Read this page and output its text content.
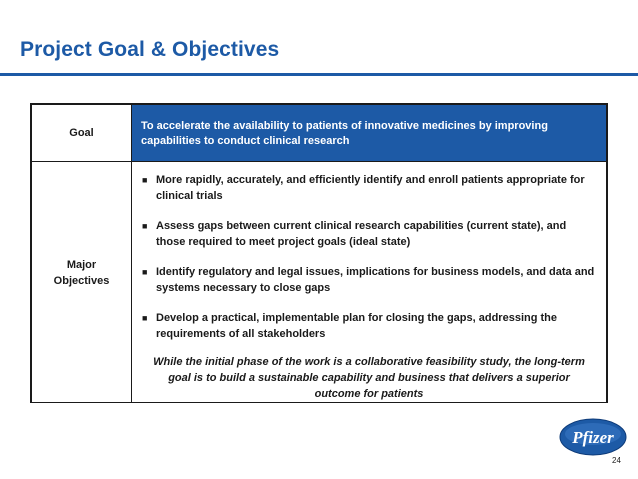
Project Goal & Objectives
Goal
To accelerate the availability to patients of innovative medicines by improving capabilities to conduct clinical research
Major
Objectives
■ More rapidly, accurately, and efficiently identify and enroll patients appropriate for clinical trials
■ Assess gaps between current clinical research capabilities (current state), and those required to meet project goals (ideal state)
■ Identify regulatory and legal issues, implications for business models, and data and systems necessary to close gaps
■ Develop a practical, implementable plan for closing the gaps, addressing the requirements of all stakeholders
While the initial phase of the work is a collaborative feasibility study, the long-term goal is to build a sustainable capability and business that delivers a superior outcome for patients
Pfizer
24
